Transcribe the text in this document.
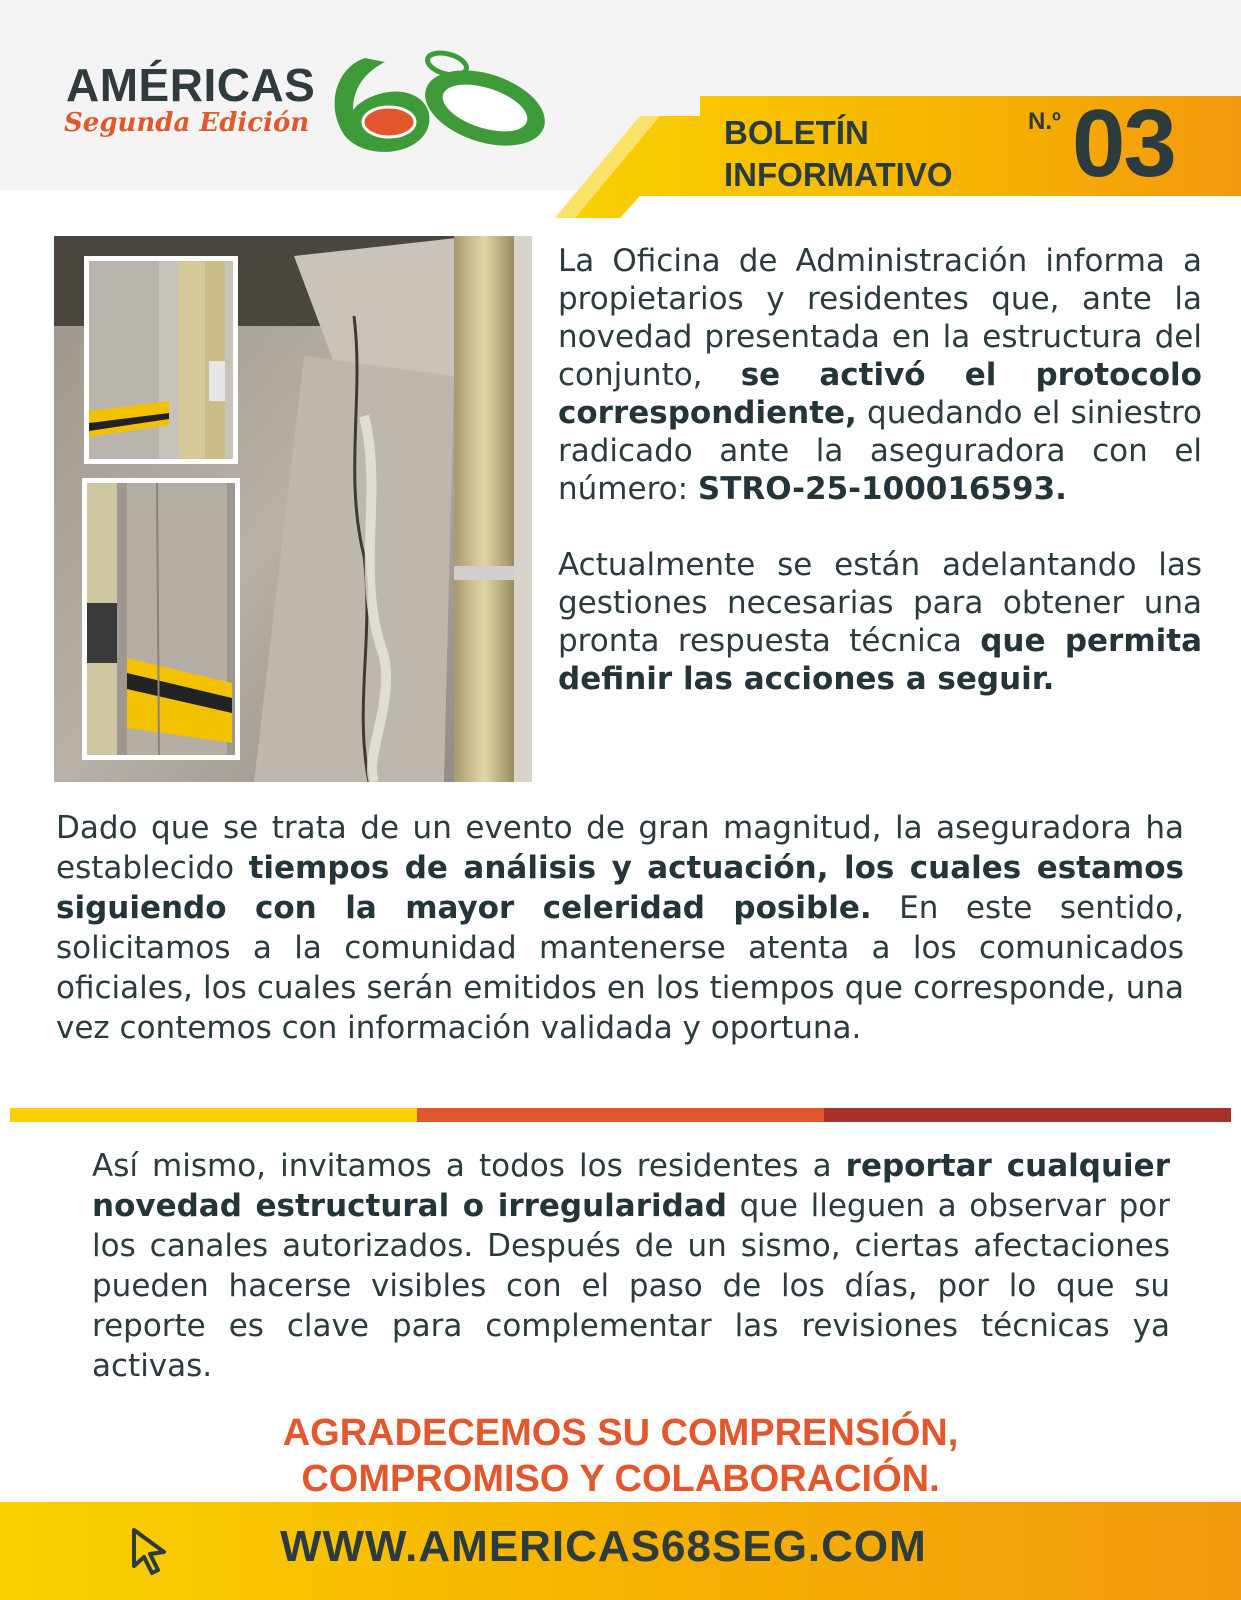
AMÉRICAS
Segunda Edición	BOLETÍN
INFORMATIVO
N.º 03
La Oficina de Administración informa a propietarios y residentes que, ante la novedad presentada en la estructura del conjunto, se activó el protocolo correspondiente, quedando el siniestro radicado ante la aseguradora con el número: STRO-25-100016593.
Actualmente se están adelantando las gestiones necesarias para obtener una pronta respuesta técnica que permita definir las acciones a seguir.
Dado que se trata de un evento de gran magnitud, la aseguradora ha establecido tiempos de análisis y actuación, los cuales estamos siguiendo con la mayor celeridad posible. En este sentido, solicitamos a la comunidad mantenerse atenta a los comunicados oficiales, los cuales serán emitidos en los tiempos que corresponde, una vez contemos con información validada y oportuna.
Así mismo, invitamos a todos los residentes a reportar cualquier novedad estructural o irregularidad que lleguen a observar por los canales autorizados. Después de un sismo, ciertas afectaciones pueden hacerse visibles con el paso de los días, por lo que su reporte es clave para complementar las revisiones técnicas ya activas.
AGRADECEMOS SU COMPRENSIÓN,
COMPROMISO Y COLABORACIÓN.
WWW.AMERICAS68SEG.COM
